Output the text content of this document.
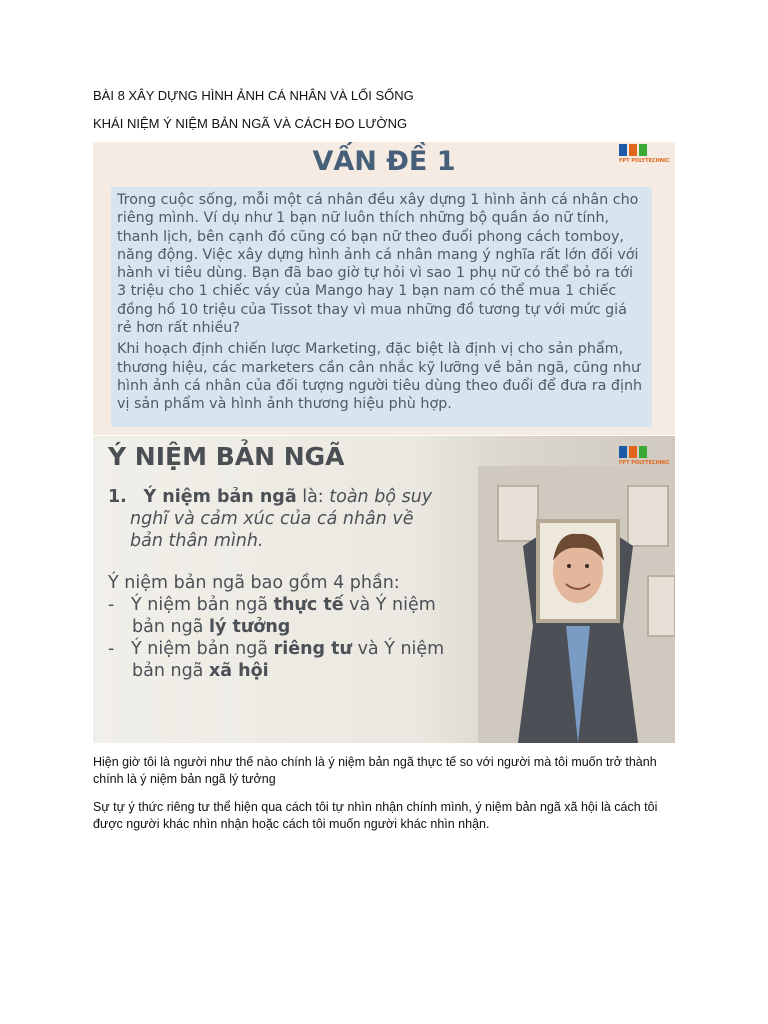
BÀI 8 XÂY DỰNG HÌNH ẢNH CÁ NHÂN VÀ LỐI SỐNG
KHÁI NIỆM Ý NIỆM BẢN NGÃ VÀ CÁCH ĐO LƯỜNG
VẤN ĐỀ 1	FPT POLYTECHNIC

Trong cuộc sống, mỗi một cá nhân đều xây dựng 1 hình ảnh cá nhân cho riêng mình. Ví dụ như 1 bạn nữ luôn thích những bộ quần áo nữ tính, thanh lịch, bên cạnh đó cũng có bạn nữ theo đuổi phong cách tomboy, năng động. Việc xây dựng hình ảnh cá nhân mang ý nghĩa rất lớn đối với hành vi tiêu dùng. Bạn đã bao giờ tự hỏi vì sao 1 phụ nữ có thể bỏ ra tới 3 triệu cho 1 chiếc váy của Mango hay 1 bạn nam có thể mua 1 chiếc đồng hồ 10 triệu của Tissot thay vì mua những đồ tương tự với mức giá rẻ hơn rất nhiều?

Khi hoạch định chiến lược Marketing, đặc biệt là định vị cho sản phẩm, thương hiệu, các marketers cần cân nhắc kỹ lưỡng về bản ngã, cũng như hình ảnh cá nhân của đối tượng người tiêu dùng theo đuổi để đưa ra định vị sản phẩm và hình ảnh thương hiệu phù hợp.

Ý NIỆM BẢN NGÃ	FPT POLYTECHNIC
1. Ý niệm bản ngã là: toàn bộ suy nghĩ và cảm xúc của cá nhân về bản thân mình.
Ý niệm bản ngã bao gồm 4 phần:
- Ý niệm bản ngã thực tế và Ý niệm bản ngã lý tưởng
- Ý niệm bản ngã riêng tư và Ý niệm bản ngã xã hội
Hiện giờ tôi là người như thế nào chính là ý niệm bản ngã thực tế so với người mà tôi muốn trở thành chính là ý niệm bản ngã lý tưởng
Sự tự ý thức riêng tư thể hiện qua cách tôi tự nhìn nhận chính mình, ý niệm bản ngã xã hội là cách tôi được người khác nhìn nhận hoặc cách tôi muốn người khác nhìn nhận.
